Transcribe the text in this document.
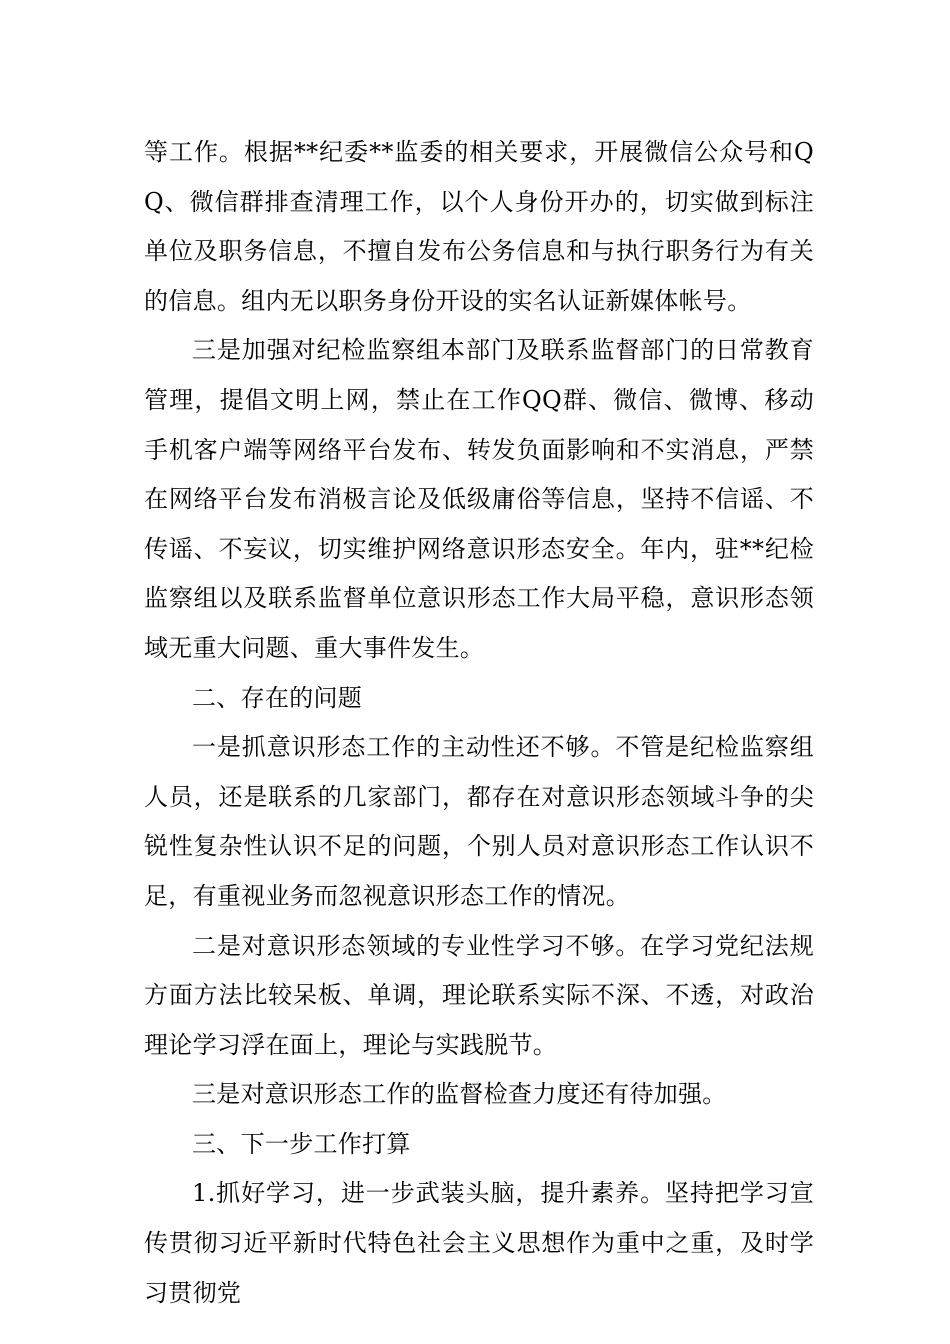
等工作。根据**纪委**监委的相关要求，开展微信公众号和QQ、微信群排查清理工作，以个人身份开办的，切实做到标注单位及职务信息，不擅自发布公务信息和与执行职务行为有关的信息。组内无以职务身份开设的实名认证新媒体帐号。

三是加强对纪检监察组本部门及联系监督部门的日常教育管理，提倡文明上网，禁止在工作QQ群、微信、微博、移动手机客户端等网络平台发布、转发负面影响和不实消息，严禁在网络平台发布消极言论及低级庸俗等信息，坚持不信谣、不传谣、不妄议，切实维护网络意识形态安全。年内，驻**纪检监察组以及联系监督单位意识形态工作大局平稳，意识形态领域无重大问题、重大事件发生。

二、存在的问题

一是抓意识形态工作的主动性还不够。不管是纪检监察组人员，还是联系的几家部门，都存在对意识形态领域斗争的尖锐性复杂性认识不足的问题，个别人员对意识形态工作认识不足，有重视业务而忽视意识形态工作的情况。

二是对意识形态领域的专业性学习不够。在学习党纪法规方面方法比较呆板、单调，理论联系实际不深、不透，对政治理论学习浮在面上，理论与实践脱节。

三是对意识形态工作的监督检查力度还有待加强。

三、下一步工作打算

1.抓好学习，进一步武装头脑，提升素养。坚持把学习宣传贯彻习近平新时代特色社会主义思想作为重中之重，及时学习贯彻党
